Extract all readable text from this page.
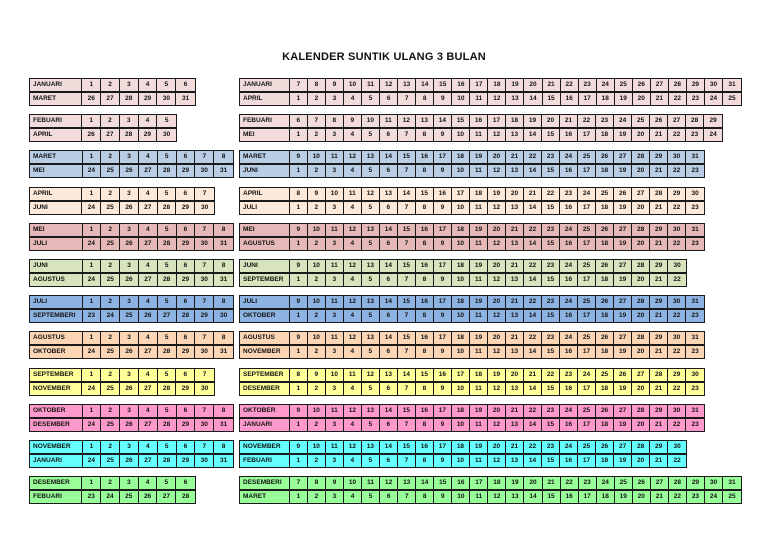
KALENDER SUNTIK ULANG 3 BULAN
JANUARI	1	2	3	4	5	6
MARET	26	27	28	29	30	31
JANUARI	7	8	9	10	11	12	13	14	15	16	17	18	19	20	21	22	23	24	25	26	27	28	29	30	31
APRIL	1	2	3	4	5	6	7	8	9	10	11	12	13	14	15	16	17	18	19	20	21	22	23	24	25
FEBUARI	1	2	3	4	5
APRIL	26	27	28	29	30
FEBUARI	6	7	8	9	10	11	12	13	14	15	16	17	18	19	20	21	22	23	24	25	26	27	28	29
MEI	1	2	3	4	5	6	7	8	9	10	11	12	13	14	15	16	17	18	19	20	21	22	23	24
MARET	1	2	3	4	5	6	7	8
MEI	24	25	26	27	28	29	30	31
MARET	9	10	11	12	13	14	15	16	17	18	19	20	21	22	23	24	25	26	27	28	29	30	31
JUNI	1	2	3	4	5	6	7	8	9	10	11	12	13	14	15	16	17	18	19	20	21	22	23
APRIL	1	2	3	4	5	6	7
JUNI	24	25	26	27	28	29	30
APRIL	8	9	10	11	12	13	14	15	16	17	18	19	20	21	22	23	24	25	26	27	28	29	30
JULI	1	2	3	4	5	6	7	8	9	10	11	12	13	14	15	16	17	18	19	20	21	22	23
MEI	1	2	3	4	5	6	7	8
JULI	24	25	26	27	28	29	30	31
MEI	9	10	11	12	13	14	15	16	17	18	19	20	21	22	23	24	25	26	27	28	29	30	31
AGUSTUS	1	2	3	4	5	6	7	8	9	10	11	12	13	14	15	16	17	18	19	20	21	22	23
JUNI	1	2	3	4	5	6	7	8
AGUSTUS	24	25	26	27	28	29	30	31
JUNI	9	10	11	12	13	14	15	16	17	18	19	20	21	22	23	24	25	26	27	28	29	30
SEPTEMBER	1	2	3	4	5	6	7	8	9	10	11	12	13	14	15	16	17	18	19	20	21	22
JULI	1	2	3	4	5	6	7	8
SEPTEMBERI	23	24	25	26	27	28	29	30
JULI	9	10	11	12	13	14	15	16	17	18	19	20	21	22	23	24	25	26	27	28	29	30	31
OKTOBER	1	2	3	4	5	6	7	8	9	10	11	12	13	14	15	16	17	18	19	20	21	22	23
AGUSTUS	1	2	3	4	5	6	7	8
OKTOBER	24	25	26	27	28	29	30	31
AGUSTUS	9	10	11	12	13	14	15	16	17	18	19	20	21	22	23	24	25	26	27	28	29	30	31
NOVEMBER	1	2	3	4	5	6	7	8	9	10	11	12	13	14	15	16	17	18	19	20	21	22	23
SEPTEMBER	1	2	3	4	5	6	7
NOVEMBER	24	25	26	27	28	29	30
SEPTEMBER	8	9	10	11	12	13	14	15	16	17	18	19	20	21	22	23	24	25	26	27	28	29	30
DESEMBER	1	2	3	4	5	6	7	8	9	10	11	12	13	14	15	16	17	18	19	20	21	22	23
OKTOBER	1	2	3	4	5	6	7	8
DESEMBER	24	25	26	27	28	29	30	31
OKTOBER	9	10	11	12	13	14	15	16	17	18	19	20	21	22	23	24	25	26	27	28	29	30	31
JANUARI	1	2	3	4	5	6	7	8	9	10	11	12	13	14	15	16	17	18	19	20	21	22	23
NOVEMBER	1	2	3	4	5	6	7	8
JANUARI	24	25	26	27	28	29	30	31
NOVEMBER	9	10	11	12	13	14	15	16	17	18	19	20	21	22	23	24	25	26	27	28	29	30
FEBUARI	1	2	3	4	5	6	7	8	9	10	11	12	13	14	15	16	17	18	19	20	21	22
DESEMBER	1	2	3	4	5	6
FEBUARI	23	24	25	26	27	28
DESEMBERI	7	8	9	10	11	12	13	14	15	16	17	18	19	20	21	22	23	24	25	26	27	28	29	30	31
MARET	1	2	3	4	5	6	7	8	9	10	11	12	13	14	15	16	17	18	19	20	21	22	23	24	25
